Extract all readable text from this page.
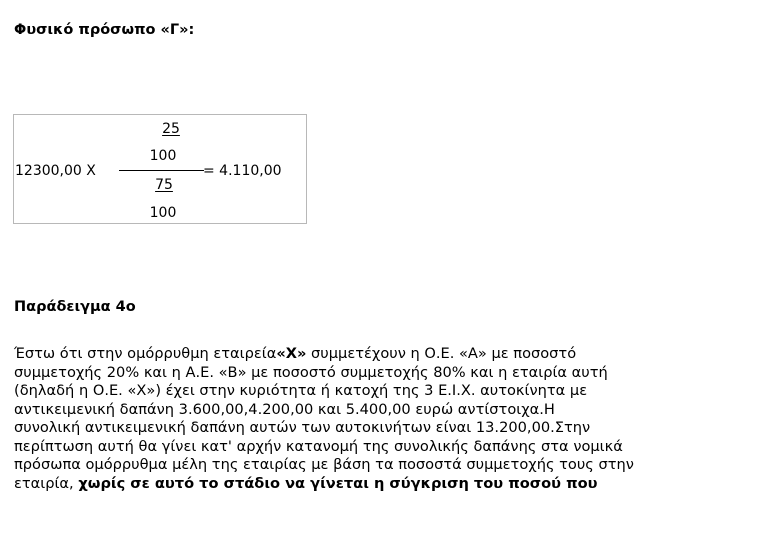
Φυσικό πρόσωπο «Γ»:
25
100
12300,00 Χ	= 4.110,00
75
100
Παράδειγμα 4ο

Έστω ότι στην ομόρρυθμη εταιρεία«Χ» συμμετέχουν η Ο.Ε. «Α» με ποσοστό
συμμετοχής 20% και η Α.Ε. «Β» με ποσοστό συμμετοχής 80% και η εταιρία αυτή
(δηλαδή η Ο.Ε. «Χ») έχει στην κυριότητα ή κατοχή της 3 Ε.Ι.Χ. αυτοκίνητα με
αντικειμενική δαπάνη 3.600,00,4.200,00 και 5.400,00 ευρώ αντίστοιχα.Η
συνολική αντικειμενική δαπάνη αυτών των αυτοκινήτων είναι 13.200,00.Στην
περίπτωση αυτή θα γίνει κατ' αρχήν κατανομή της συνολικής δαπάνης στα νομικά
πρόσωπα ομόρρυθμα μέλη της εταιρίας με βάση τα ποσοστά συμμετοχής τους στην
εταιρία, χωρίς σε αυτό το στάδιο να γίνεται η σύγκριση του ποσού που
